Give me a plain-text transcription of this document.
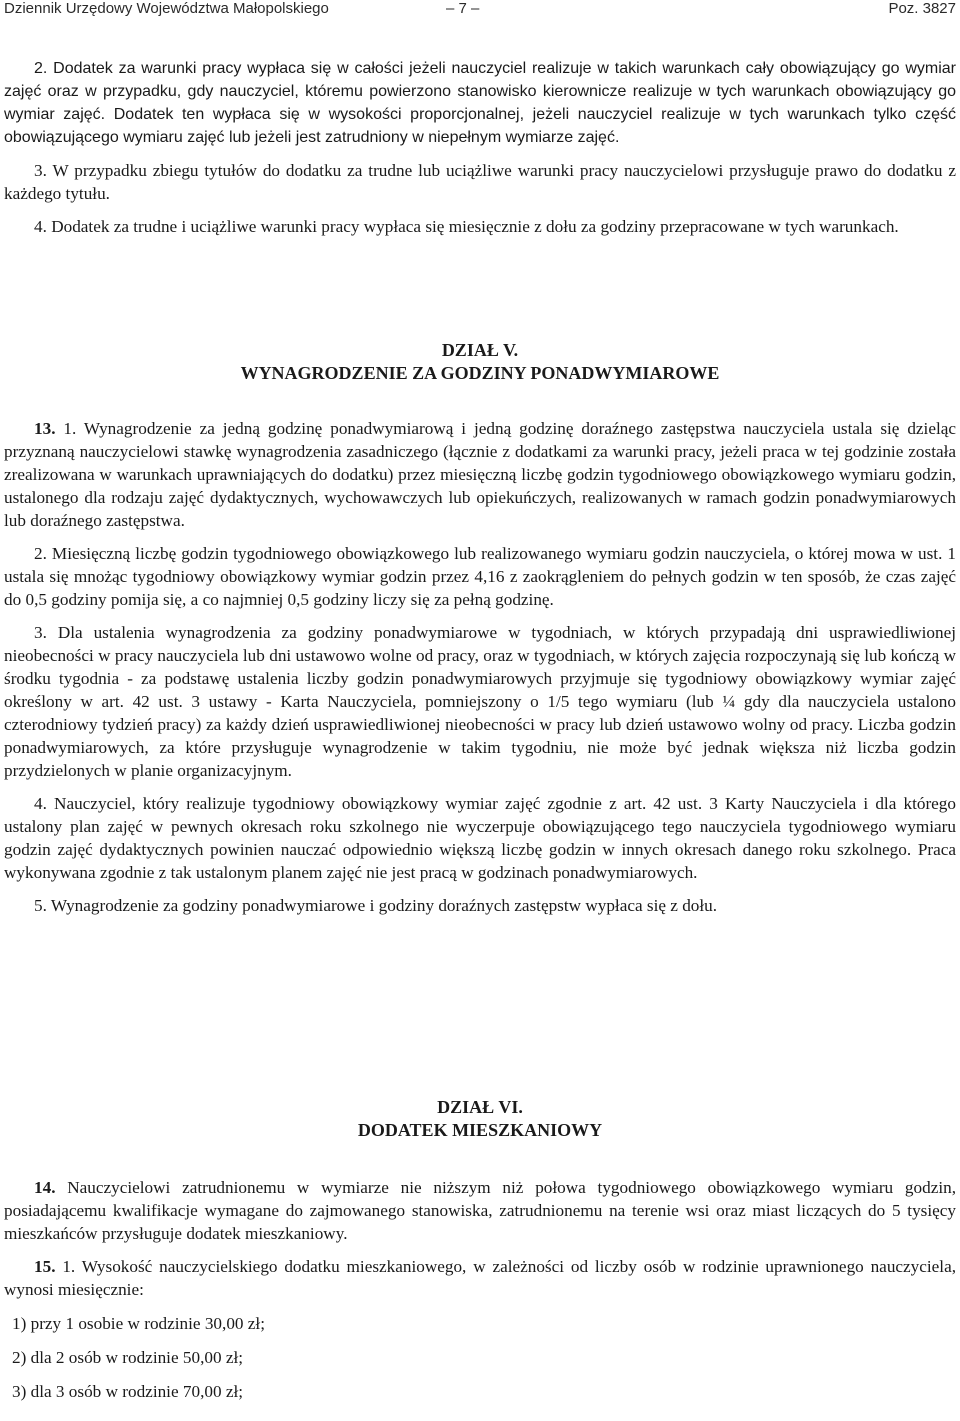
Dziennik Urzędowy Województwa Małopolskiego	– 7 –	Poz. 3827

2. Dodatek za warunki pracy wypłaca się w całości jeżeli nauczyciel realizuje w takich warunkach cały obowiązujący go wymiar zajęć oraz w przypadku, gdy nauczyciel, któremu powierzono stanowisko kierownicze realizuje w tych warunkach obowiązujący go wymiar zajęć. Dodatek ten wypłaca się w wysokości proporcjonalnej, jeżeli nauczyciel realizuje w tych warunkach tylko część obowiązującego wymiaru zajęć lub jeżeli jest zatrudniony w niepełnym wymiarze zajęć.

3. W przypadku zbiegu tytułów do dodatku za trudne lub uciążliwe warunki pracy nauczycielowi przysługuje prawo do dodatku z każdego tytułu.

4. Dodatek za trudne i uciążliwe warunki pracy wypłaca się miesięcznie z dołu za godziny przepracowane w tych warunkach.

DZIAŁ V.

WYNAGRODZENIE ZA GODZINY PONADWYMIAROWE

13. 1. Wynagrodzenie za jedną godzinę ponadwymiarową i jedną godzinę doraźnego zastępstwa nauczyciela ustala się dzieląc przyznaną nauczycielowi stawkę wynagrodzenia zasadniczego (łącznie z dodatkami za warunki pracy, jeżeli praca w tej godzinie została zrealizowana w warunkach uprawniających do dodatku) przez miesięczną liczbę godzin tygodniowego obowiązkowego wymiaru godzin, ustalonego dla rodzaju zajęć dydaktycznych, wychowawczych lub opiekuńczych, realizowanych w ramach godzin ponadwymiarowych lub doraźnego zastępstwa.

2. Miesięczną liczbę godzin tygodniowego obowiązkowego lub realizowanego wymiaru godzin nauczyciela, o której mowa w ust. 1 ustala się mnożąc tygodniowy obowiązkowy wymiar godzin przez 4,16 z zaokrągleniem do pełnych godzin w ten sposób, że czas zajęć do 0,5 godziny pomija się, a co najmniej 0,5 godziny liczy się za pełną godzinę.

3. Dla ustalenia wynagrodzenia za godziny ponadwymiarowe w tygodniach, w których przypadają dni usprawiedliwionej nieobecności w pracy nauczyciela lub dni ustawowo wolne od pracy, oraz w tygodniach, w których zajęcia rozpoczynają się lub kończą w środku tygodnia - za podstawę ustalenia liczby godzin ponadwymiarowych przyjmuje się tygodniowy obowiązkowy wymiar zajęć określony w art. 42 ust. 3 ustawy - Karta Nauczyciela, pomniejszony o 1/5 tego wymiaru (lub ¼ gdy dla nauczyciela ustalono czterodniowy tydzień pracy) za każdy dzień usprawiedliwionej nieobecności w pracy lub dzień ustawowo wolny od pracy. Liczba godzin ponadwymiarowych, za które przysługuje wynagrodzenie w takim tygodniu, nie może być jednak większa niż liczba godzin przydzielonych w planie organizacyjnym.

4. Nauczyciel, który realizuje tygodniowy obowiązkowy wymiar zajęć zgodnie z art. 42 ust. 3 Karty Nauczyciela i dla którego ustalony plan zajęć w pewnych okresach roku szkolnego nie wyczerpuje obowiązującego tego nauczyciela tygodniowego wymiaru godzin zajęć dydaktycznych powinien nauczać odpowiednio większą liczbę godzin w innych okresach danego roku szkolnego. Praca wykonywana zgodnie z tak ustalonym planem zajęć nie jest pracą w godzinach ponadwymiarowych.

5. Wynagrodzenie za godziny ponadwymiarowe i godziny doraźnych zastępstw wypłaca się z dołu.

DZIAŁ VI.

DODATEK MIESZKANIOWY

14. Nauczycielowi zatrudnionemu w wymiarze nie niższym niż połowa tygodniowego obowiązkowego wymiaru godzin, posiadającemu kwalifikacje wymagane do zajmowanego stanowiska, zatrudnionemu na terenie wsi oraz miast liczących do 5 tysięcy mieszkańców przysługuje dodatek mieszkaniowy.

15. 1. Wysokość nauczycielskiego dodatku mieszkaniowego, w zależności od liczby osób w rodzinie uprawnionego nauczyciela, wynosi miesięcznie:

1) przy 1 osobie w rodzinie 30,00 zł;

2) dla 2 osób w rodzinie 50,00 zł;

3) dla 3 osób w rodzinie 70,00 zł;
